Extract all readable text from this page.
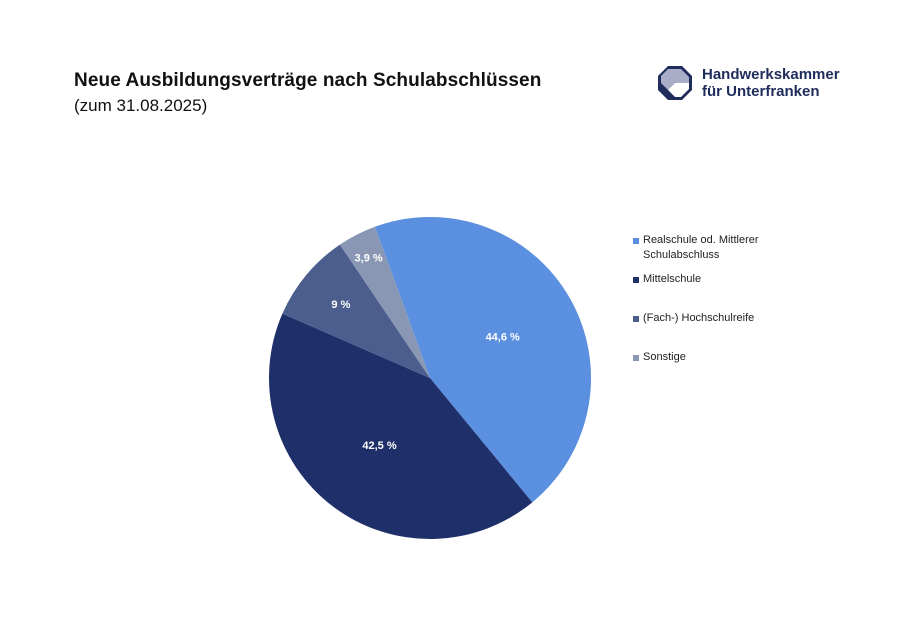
Neue Ausbildungsverträge nach Schulabschlüssen
(zum 31.08.2025)
Handwerkskammer
für Unterfranken
44,6 %
42,5 %
9 %
3,9 %
Realschule od. Mittlerer Schulabschluss
Mittelschule
(Fach-) Hochschulreife
Sonstige
